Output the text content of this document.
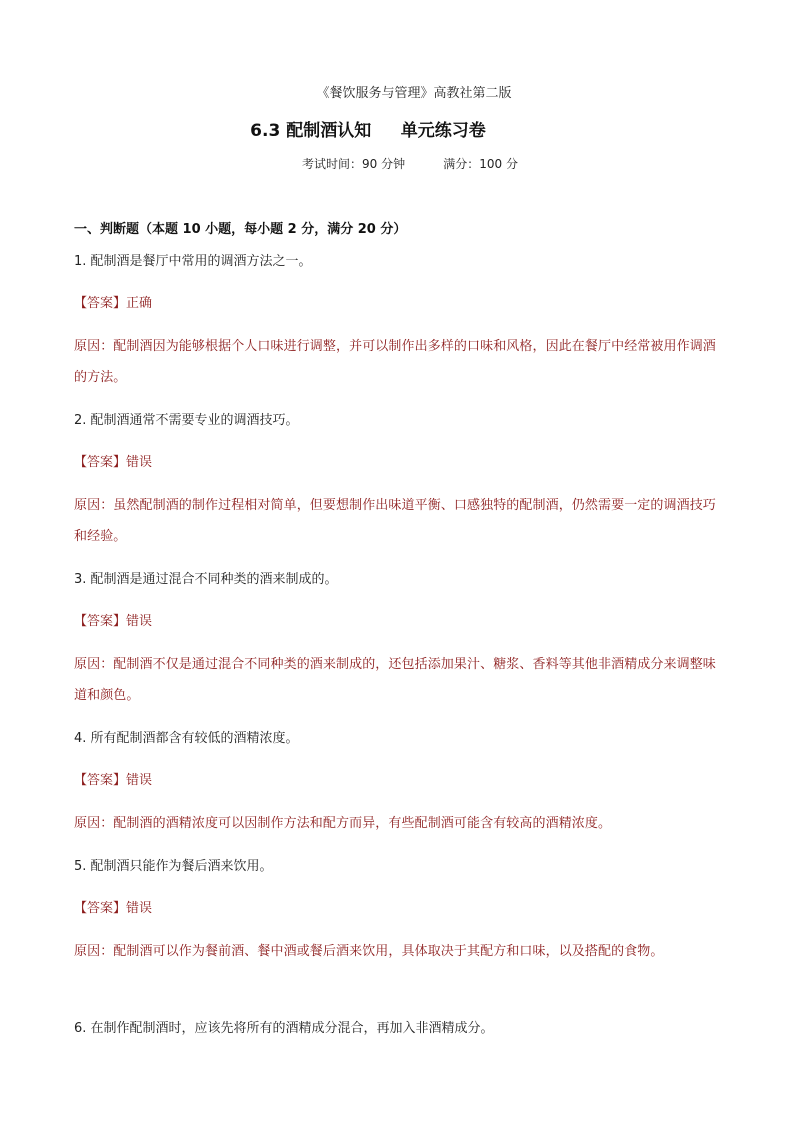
《餐饮服务与管理》高教社第二版
6.3 配制酒认知     单元练习卷
考试时间：90 分钟          满分：100 分
一、判断题（本题 10 小题，每小题 2 分，满分 20 分）

1. 配制酒是餐厅中常用的调酒方法之一。

【答案】正确
原因：配制酒因为能够根据个人口味进行调整，并可以制作出多样的口味和风格，因此在餐厅中经常被用作调酒的方法。

2. 配制酒通常不需要专业的调酒技巧。

【答案】错误
原因：虽然配制酒的制作过程相对简单，但要想制作出味道平衡、口感独特的配制酒，仍然需要一定的调酒技巧和经验。

3. 配制酒是通过混合不同种类的酒来制成的。

【答案】错误
原因：配制酒不仅是通过混合不同种类的酒来制成的，还包括添加果汁、糖浆、香料等其他非酒精成分来调整味道和颜色。

4. 所有配制酒都含有较低的酒精浓度。

【答案】错误
原因：配制酒的酒精浓度可以因制作方法和配方而异，有些配制酒可能含有较高的酒精浓度。

5. 配制酒只能作为餐后酒来饮用。

【答案】错误
原因：配制酒可以作为餐前酒、餐中酒或餐后酒来饮用，具体取决于其配方和口味，以及搭配的食物。

6. 在制作配制酒时，应该先将所有的酒精成分混合，再加入非酒精成分。
